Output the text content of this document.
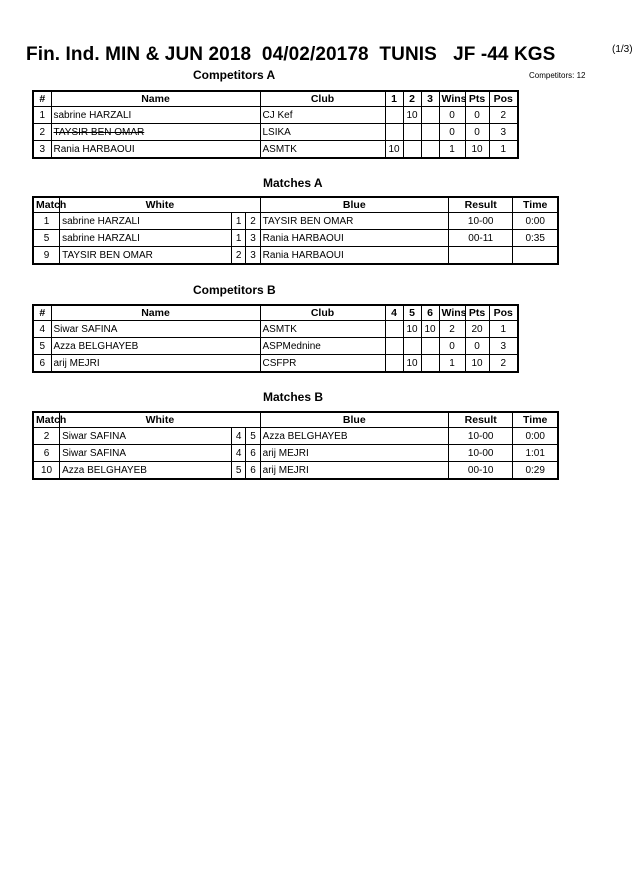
Fin. Ind. MIN & JUN 2018  04/02/20178  TUNIS   JF -44 KGS	(1/3)
Competitors: 12
Competitors A
#	Name	Club	1	2	3	Wins	Pts	Pos
1	sabrine HARZALI	CJ Kef		10		0	0	2
2	TAYSIR BEN OMAR	LSIKA				0	0	3
3	Rania HARBAOUI	ASMTK	10			1	10	1
Matches A
Match	White			Blue	Result	Time
1	sabrine HARZALI	1	2	TAYSIR BEN OMAR	10-00	0:00
5	sabrine HARZALI	1	3	Rania HARBAOUI	00-11	0:35
9	TAYSIR BEN OMAR	2	3	Rania HARBAOUI		
Competitors B
#	Name	Club	4	5	6	Wins	Pts	Pos
4	Siwar SAFINA	ASMTK		10	10	2	20	1
5	Azza BELGHAYEB	ASPMednine				0	0	3
6	arij MEJRI	CSFPR		10		1	10	2
Matches B
Match	White			Blue	Result	Time
2	Siwar SAFINA	4	5	Azza BELGHAYEB	10-00	0:00
6	Siwar SAFINA	4	6	arij MEJRI	10-00	1:01
10	Azza BELGHAYEB	5	6	arij MEJRI	00-10	0:29
